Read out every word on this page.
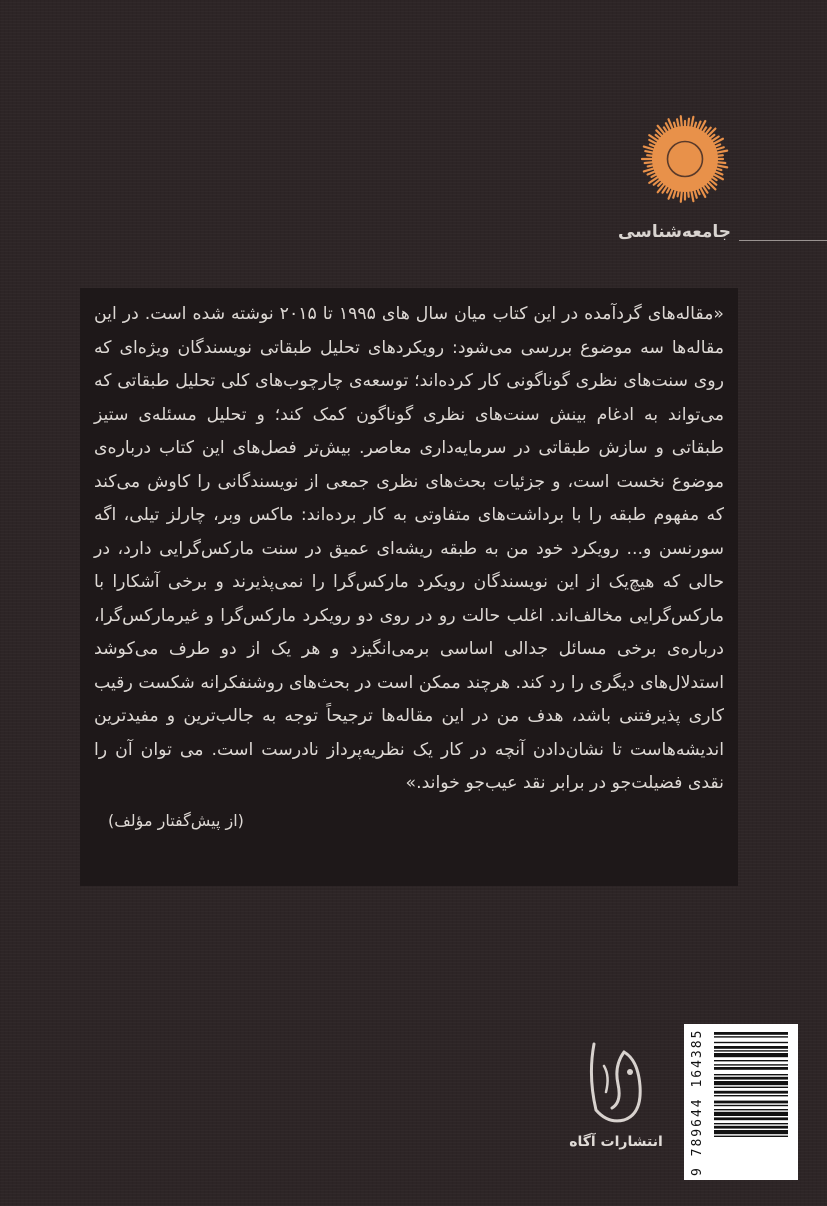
جامعه‌شناسی

«مقاله‌های گردآمده در این کتاب میان سال های ۱۹۹۵ تا ۲۰۱۵ نوشته شده است. در این مقاله‌ها سه موضوع بررسی می‌شود: رویکردهای تحلیل طبقاتی نویسندگان ویژه‌ای که روی سنت‌های نظری گوناگونی کار کرده‌اند؛ توسعه‌ی چارچوب‌های کلی تحلیل طبقاتی که می‌تواند به ادغام بینش سنت‌های نظری گوناگون کمک کند؛ و تحلیل مسئله‌ی ستیز طبقاتی و سازش طبقاتی در سرمایه‌داری معاصر. بیش‌تر فصل‌های این کتاب درباره‌ی موضوع نخست است، و جزئیات بحث‌های نظری جمعی از نویسندگانی را کاوش می‌کند که مفهوم طبقه را با برداشت‌های متفاوتی به کار برده‌اند: ماکس وبر، چارلز تیلی، اگه سورنسن و... رویکرد خود من به طبقه ریشه‌ای عمیق در سنت مارکس‌گرایی دارد، در حالی که هیچ‌یک از این نویسندگان رویکرد مارکس‌گرا را نمی‌پذیرند و برخی آشکارا با مارکس‌گرایی مخالف‌اند. اغلب حالت رو در روی دو رویکرد مارکس‌گرا و غیرمارکس‌گرا، درباره‌ی برخی مسائل جدالی اساسی برمی‌انگیزد و هر یک از دو طرف می‌کوشد استدلال‌های دیگری را رد کند. هرچند ممکن است در بحث‌های روشنفکرانه شکست رقیب کاری پذیرفتنی باشد، هدف من در این مقاله‌ها ترجیحاً توجه به جالب‌ترین و مفیدترین اندیشه‌هاست تا نشان‌دادن آنچه در کار یک نظریه‌پرداز نادرست است. می توان آن را نقدی فضیلت‌جو در برابر نقد عیب‌جو خواند.»

(از پیش‌گفتار مؤلف)
انتشارات آگاه	9 789644 164385
